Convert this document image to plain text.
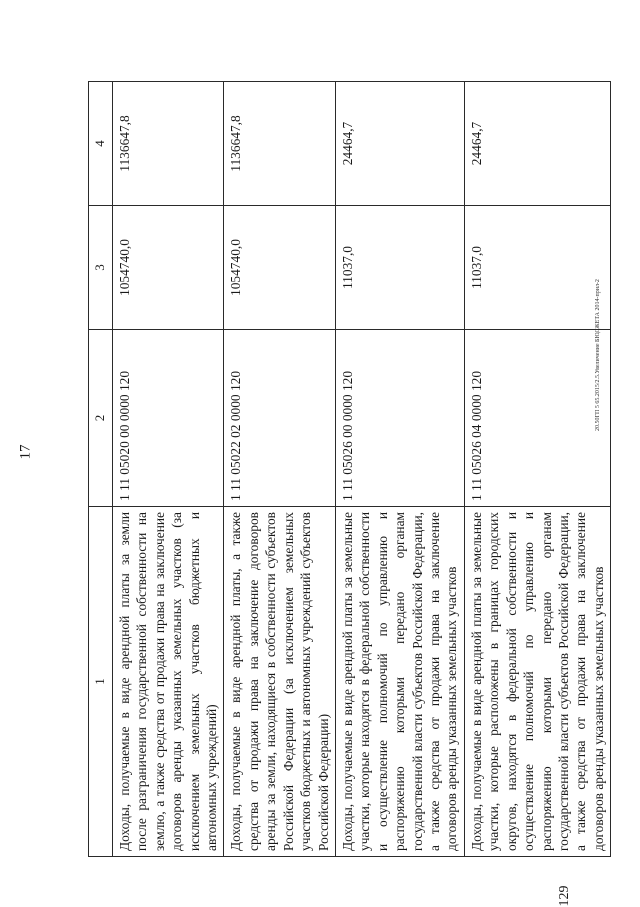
17
129
20.50ГП 5 65.2015/2.5.Увеличение БЮДЖЕТА 2014-прил-2
1	2	3	4
Доходы, получаемые в виде арендной платы за земли после разграничения государственной собственности на землю, а также средства от продажи права на заключение договоров аренды указанных земельных участков (за исключением земельных участков бюджетных и автономных учреждений)	1 11 05020 00 0000 120	1054740,0	1136647,8
Доходы, получаемые в виде арендной платы, а также средства от продажи права на заключение договоров аренды за земли, находящиеся в собственности субъектов Российской Федерации (за исключением земельных участков бюджетных и автономных учреждений субъектов Российской Федерации)	1 11 05022 02 0000 120	1054740,0	1136647,8
Доходы, получаемые в виде арендной платы за земельные участки, которые находятся в федеральной собственности и осуществление полномочий по управлению и распоряжению которыми передано органам государственной власти субъектов Российской Федерации, а также средства от продажи права на заключение договоров аренды указанных земельных участков	1 11 05026 00 0000 120	11037,0	24464,7
Доходы, получаемые в виде арендной платы за земельные участки, которые расположены в границах городских округов, находятся в федеральной собственности и осуществление полномочий по управлению и распоряжению которыми передано органам государственной власти субъектов Российской Федерации, а также средства от продажи права на заключение договоров аренды указанных земельных участков	1 11 05026 04 0000 120	11037,0	24464,7
